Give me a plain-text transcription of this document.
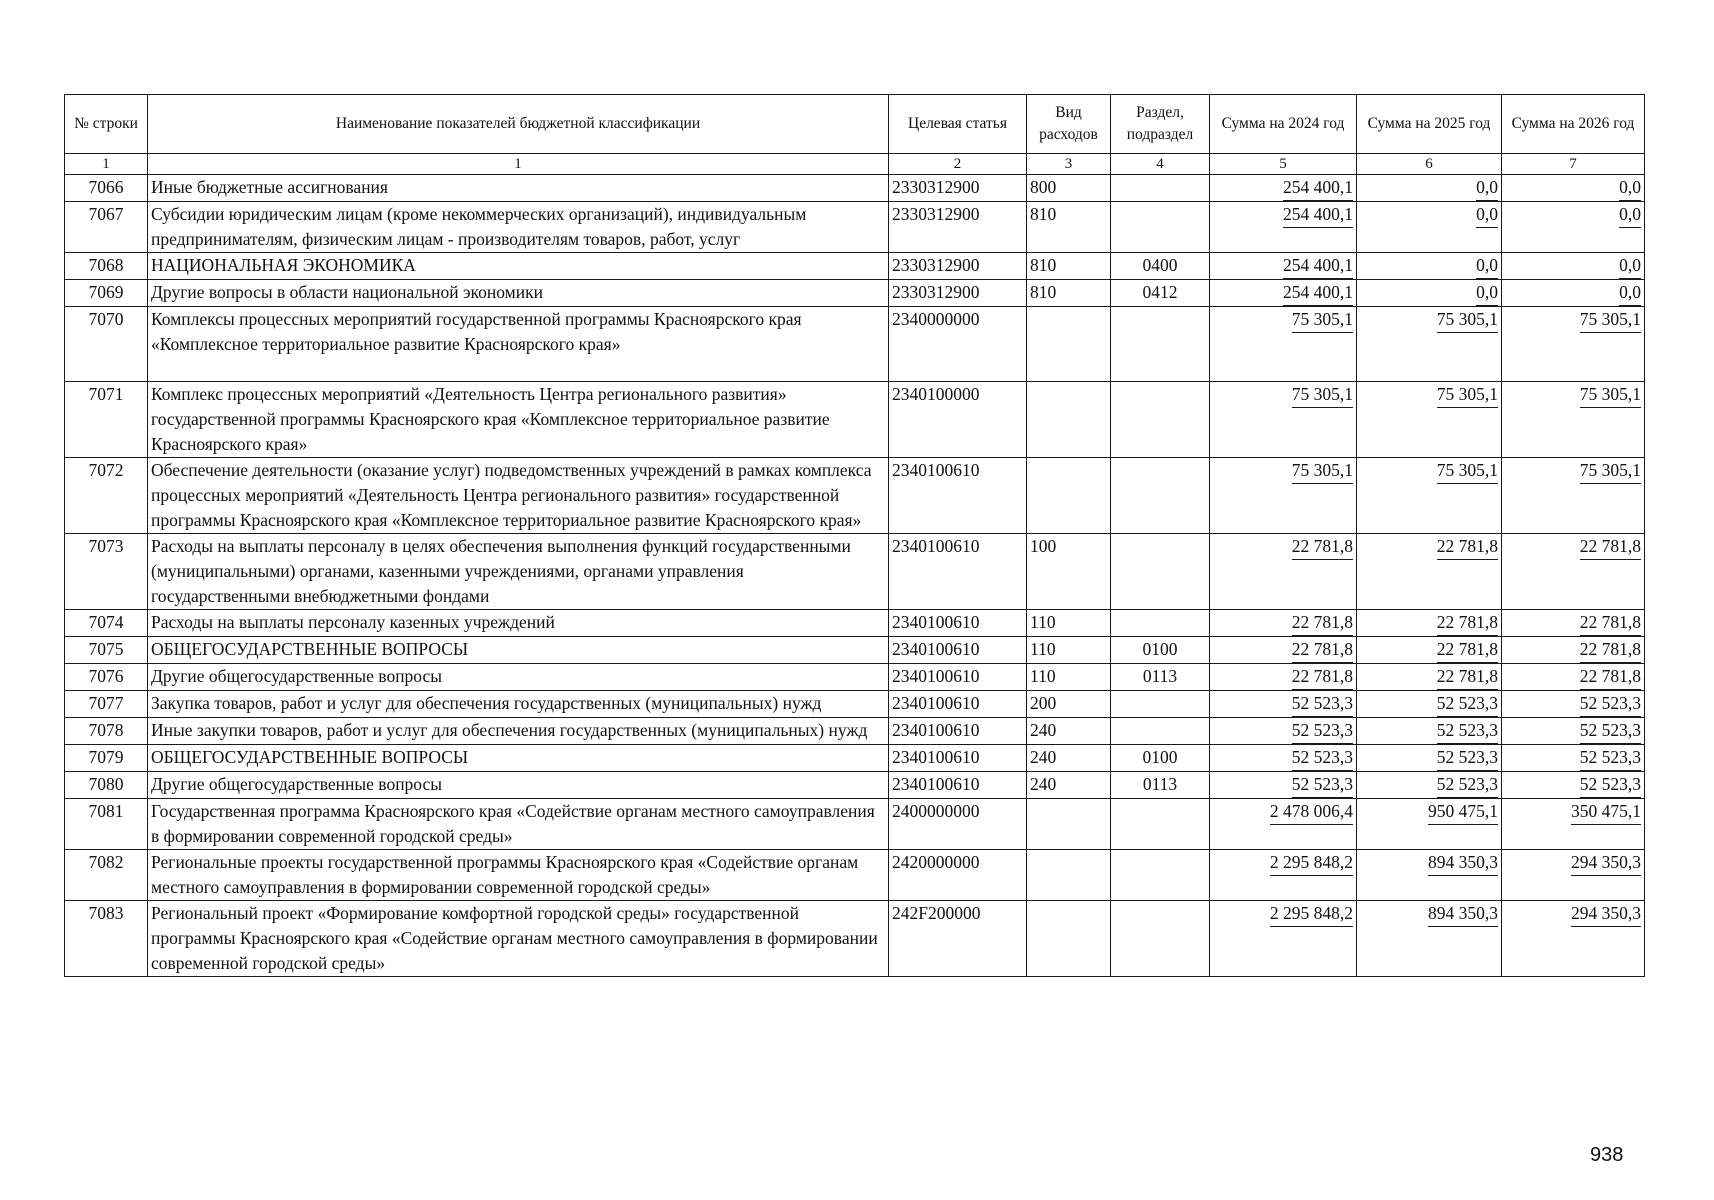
№ строки	Наименование показателей бюджетной классификации	Целевая статья	Вид расходов	Раздел, подраздел	Сумма на 2024 год	Сумма на 2025 год	Сумма на 2026 год
1	1	2	3	4	5	6	7
7066	Иные бюджетные ассигнования	2330312900	800		254 400,1	0,0	0,0
7067	Субсидии юридическим лицам (кроме некоммерческих организаций), индивидуальным предпринимателям, физическим лицам - производителям товаров, работ, услуг	2330312900	810		254 400,1	0,0	0,0
7068	НАЦИОНАЛЬНАЯ ЭКОНОМИКА	2330312900	810	0400	254 400,1	0,0	0,0
7069	Другие вопросы в области национальной экономики	2330312900	810	0412	254 400,1	0,0	0,0
7070	Комплексы процессных мероприятий государственной программы Красноярского края «Комплексное территориальное развитие Красноярского края»	2340000000			75 305,1	75 305,1	75 305,1
7071	Комплекс процессных мероприятий «Деятельность Центра регионального развития» государственной программы Красноярского края «Комплексное территориальное развитие Красноярского края»	2340100000			75 305,1	75 305,1	75 305,1
7072	Обеспечение деятельности (оказание услуг) подведомственных учреждений в рамках комплекса процессных мероприятий «Деятельность Центра регионального развития» государственной программы Красноярского края «Комплексное территориальное развитие Красноярского края»	2340100610			75 305,1	75 305,1	75 305,1
7073	Расходы на выплаты персоналу в целях обеспечения выполнения функций государственными (муниципальными) органами, казенными учреждениями, органами управления государственными внебюджетными фондами	2340100610	100		22 781,8	22 781,8	22 781,8
7074	Расходы на выплаты персоналу казенных учреждений	2340100610	110		22 781,8	22 781,8	22 781,8
7075	ОБЩЕГОСУДАРСТВЕННЫЕ ВОПРОСЫ	2340100610	110	0100	22 781,8	22 781,8	22 781,8
7076	Другие общегосударственные вопросы	2340100610	110	0113	22 781,8	22 781,8	22 781,8
7077	Закупка товаров, работ и услуг для обеспечения государственных (муниципальных) нужд	2340100610	200		52 523,3	52 523,3	52 523,3
7078	Иные закупки товаров, работ и услуг для обеспечения государственных (муниципальных) нужд	2340100610	240		52 523,3	52 523,3	52 523,3
7079	ОБЩЕГОСУДАРСТВЕННЫЕ ВОПРОСЫ	2340100610	240	0100	52 523,3	52 523,3	52 523,3
7080	Другие общегосударственные вопросы	2340100610	240	0113	52 523,3	52 523,3	52 523,3
7081	Государственная программа Красноярского края «Содействие органам местного самоуправления в формировании современной городской среды»	2400000000			2 478 006,4	950 475,1	350 475,1
7082	Региональные проекты государственной программы Красноярского края «Содействие органам местного самоуправления в формировании современной городской среды»	2420000000			2 295 848,2	894 350,3	294 350,3
7083	Региональный проект «Формирование комфортной городской среды» государственной программы Красноярского края «Содействие органам местного самоуправления в формировании современной городской среды»	242F200000			2 295 848,2	894 350,3	294 350,3
938
